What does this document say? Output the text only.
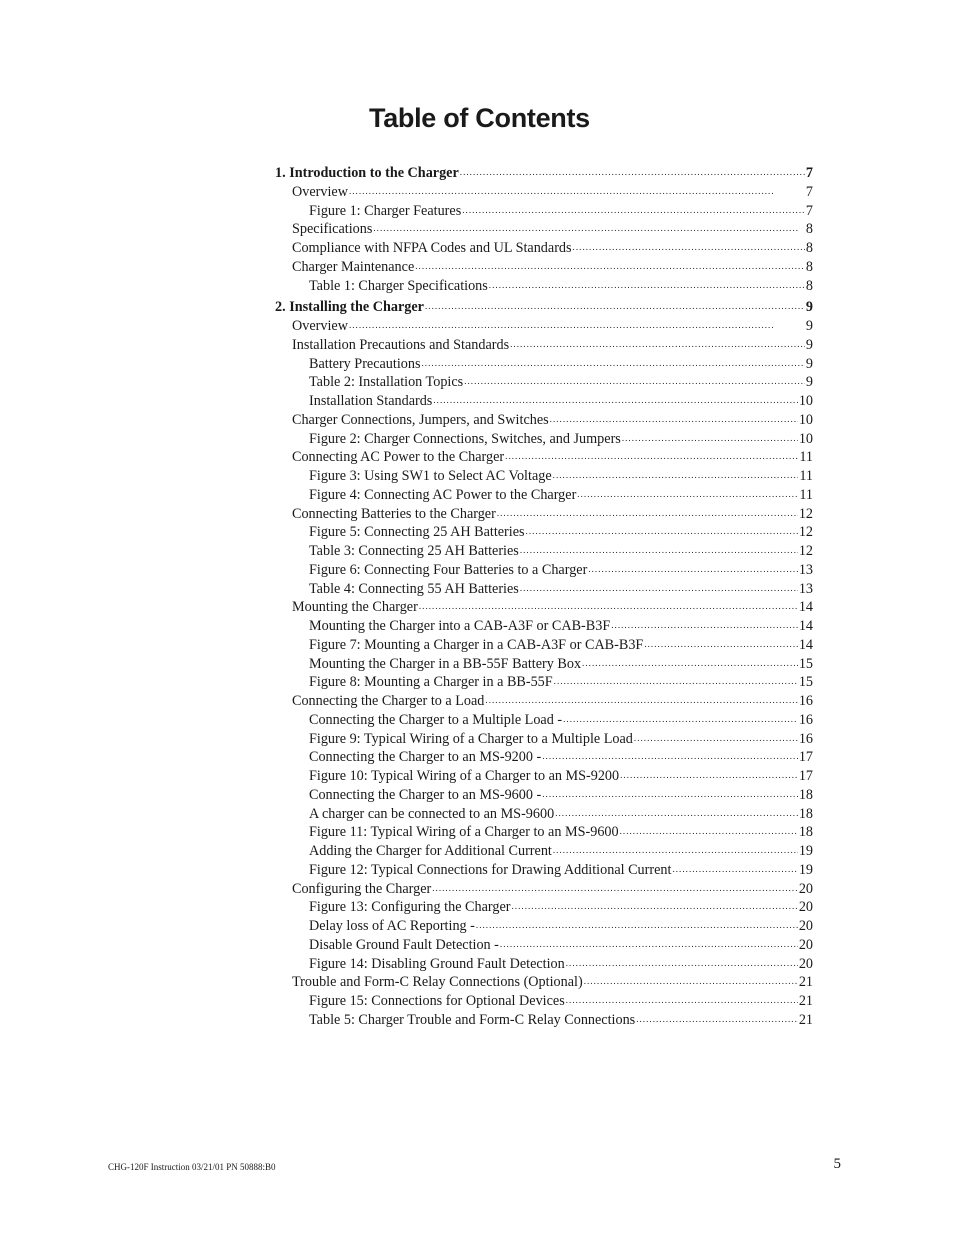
Table of Contents
1. Introduction to the Charger . . .	7
Overview . . .	7
Figure 1: Charger Features . . .	7
Specifications . . .	8
Compliance with NFPA Codes and UL Standards . . .	8
Charger Maintenance . . .	8
Table 1: Charger Specifications . . .	8
2. Installing the Charger . . .	9
Overview . . .	9
Installation Precautions and Standards . . .	9
Battery Precautions . . .	9
Table 2: Installation Topics . . .	9
Installation Standards . . .	10
Charger Connections, Jumpers, and Switches . . .	10
Figure 2: Charger Connections, Switches, and Jumpers . . .	10
Connecting AC Power to the Charger . . .	11
Figure 3: Using SW1 to Select AC Voltage . . .	11
Figure 4: Connecting AC Power to the Charger . . .	11
Connecting Batteries to the Charger . . .	12
Figure 5: Connecting 25 AH Batteries . . .	12
Table 3: Connecting 25 AH Batteries . . .	12
Figure 6: Connecting Four Batteries to a Charger . . .	13
Table 4: Connecting 55 AH Batteries . . .	13
Mounting the Charger . . .	14
Mounting the Charger into a CAB-A3F or CAB-B3F . . .	14
Figure 7: Mounting a Charger in a CAB-A3F or CAB-B3F . . .	14
Mounting the Charger in a BB-55F Battery Box . . .	15
Figure 8: Mounting a Charger in a BB-55F . . .	15
Connecting the Charger to a Load . . .	16
Connecting the Charger to a Multiple Load - . . .	16
Figure 9: Typical Wiring of a Charger to a Multiple Load . . .	16
Connecting the Charger to an MS-9200 - . . .	17
Figure 10: Typical Wiring of a Charger to an MS-9200 . . .	17
Connecting the Charger to an MS-9600 - . . .	18
A charger can be connected to an MS-9600 . . .	18
Figure 11: Typical Wiring of a Charger to an MS-9600 . . .	18
Adding the Charger for Additional Current . . .	19
Figure 12: Typical Connections for Drawing Additional Current . . .	19
Configuring the Charger . . .	20
Figure 13: Configuring the Charger . . .	20
Delay loss of AC Reporting - . . .	20
Disable Ground Fault Detection - . . .	20
Figure 14: Disabling Ground Fault Detection . . .	20
Trouble and Form-C Relay Connections (Optional) . . .	21
Figure 15: Connections for Optional Devices . . .	21
Table 5: Charger Trouble and Form-C Relay Connections . . .	21
CHG-120F Instruction 03/21/01 PN 50888:B0	5
